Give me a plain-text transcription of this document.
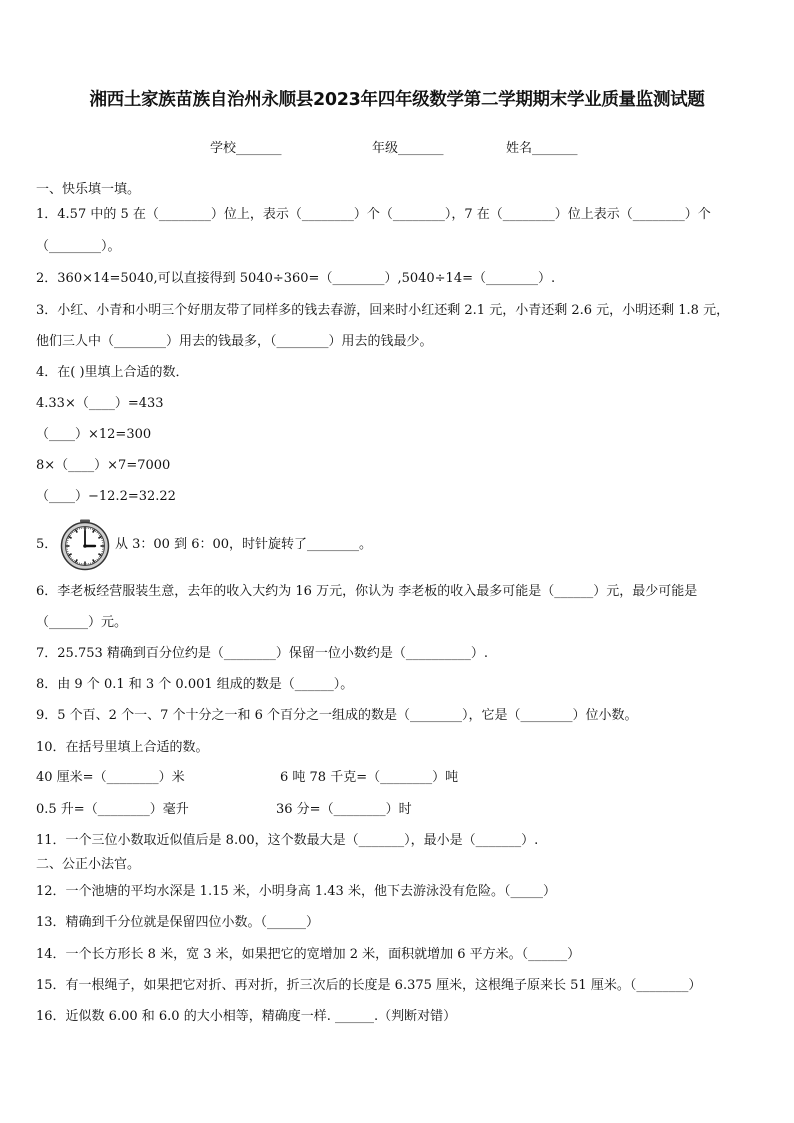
湘西土家族苗族自治州永顺县2023年四年级数学第二学期期末学业质量监测试题
学校_______	年级_______	姓名_______
一、快乐填一填。
1．4.57 中的 5 在（________）位上，表示（________）个（________），7 在（________）位上表示（________）个
（________）。
2．360×14=5040,可以直接得到 5040÷360=（________）,5040÷14=（________）.
3．小红、小青和小明三个好朋友带了同样多的钱去春游，回来时小红还剩 2.1 元，小青还剩 2.6 元，小明还剩 1.8 元，
他们三人中（________）用去的钱最多，（________）用去的钱最少。
4．在( )里填上合适的数．
4.33×（____）=433
（____）×12=300
8×（____）×7=7000
（____）−12.2=32.22
5．	从 3：00 到 6：00，时针旋转了________。
6．李老板经营服装生意，去年的收入大约为 16 万元，你认为 李老板的收入最多可能是（______）元，最少可能是
（______）元。
7．25.753 精确到百分位约是（________）保留一位小数约是（__________）.
8．由 9 个 0.1 和 3 个 0.001 组成的数是（______）。
9．5 个百、2 个一、7 个十分之一和 6 个百分之一组成的数是（________），它是（________）位小数。
10．在括号里填上合适的数。
40 厘米=（________）米	6 吨 78 千克=（________）吨
0.5 升=（________）毫升	36 分=（________）时
11．一个三位小数取近似值后是 8.00，这个数最大是（_______），最小是（_______）.
二、公正小法官。
12．一个池塘的平均水深是 1.15 米，小明身高 1.43 米，他下去游泳没有危险。（_____）
13．精确到千分位就是保留四位小数。（______）
14．一个长方形长 8 米，宽 3 米，如果把它的宽增加 2 米，面积就增加 6 平方米。（______）
15．有一根绳子，如果把它对折、再对折，折三次后的长度是 6.375 厘米，这根绳子原来长 51 厘米。（________）
16．近似数 6.00 和 6.0 的大小相等，精确度一样. ______.（判断对错）
